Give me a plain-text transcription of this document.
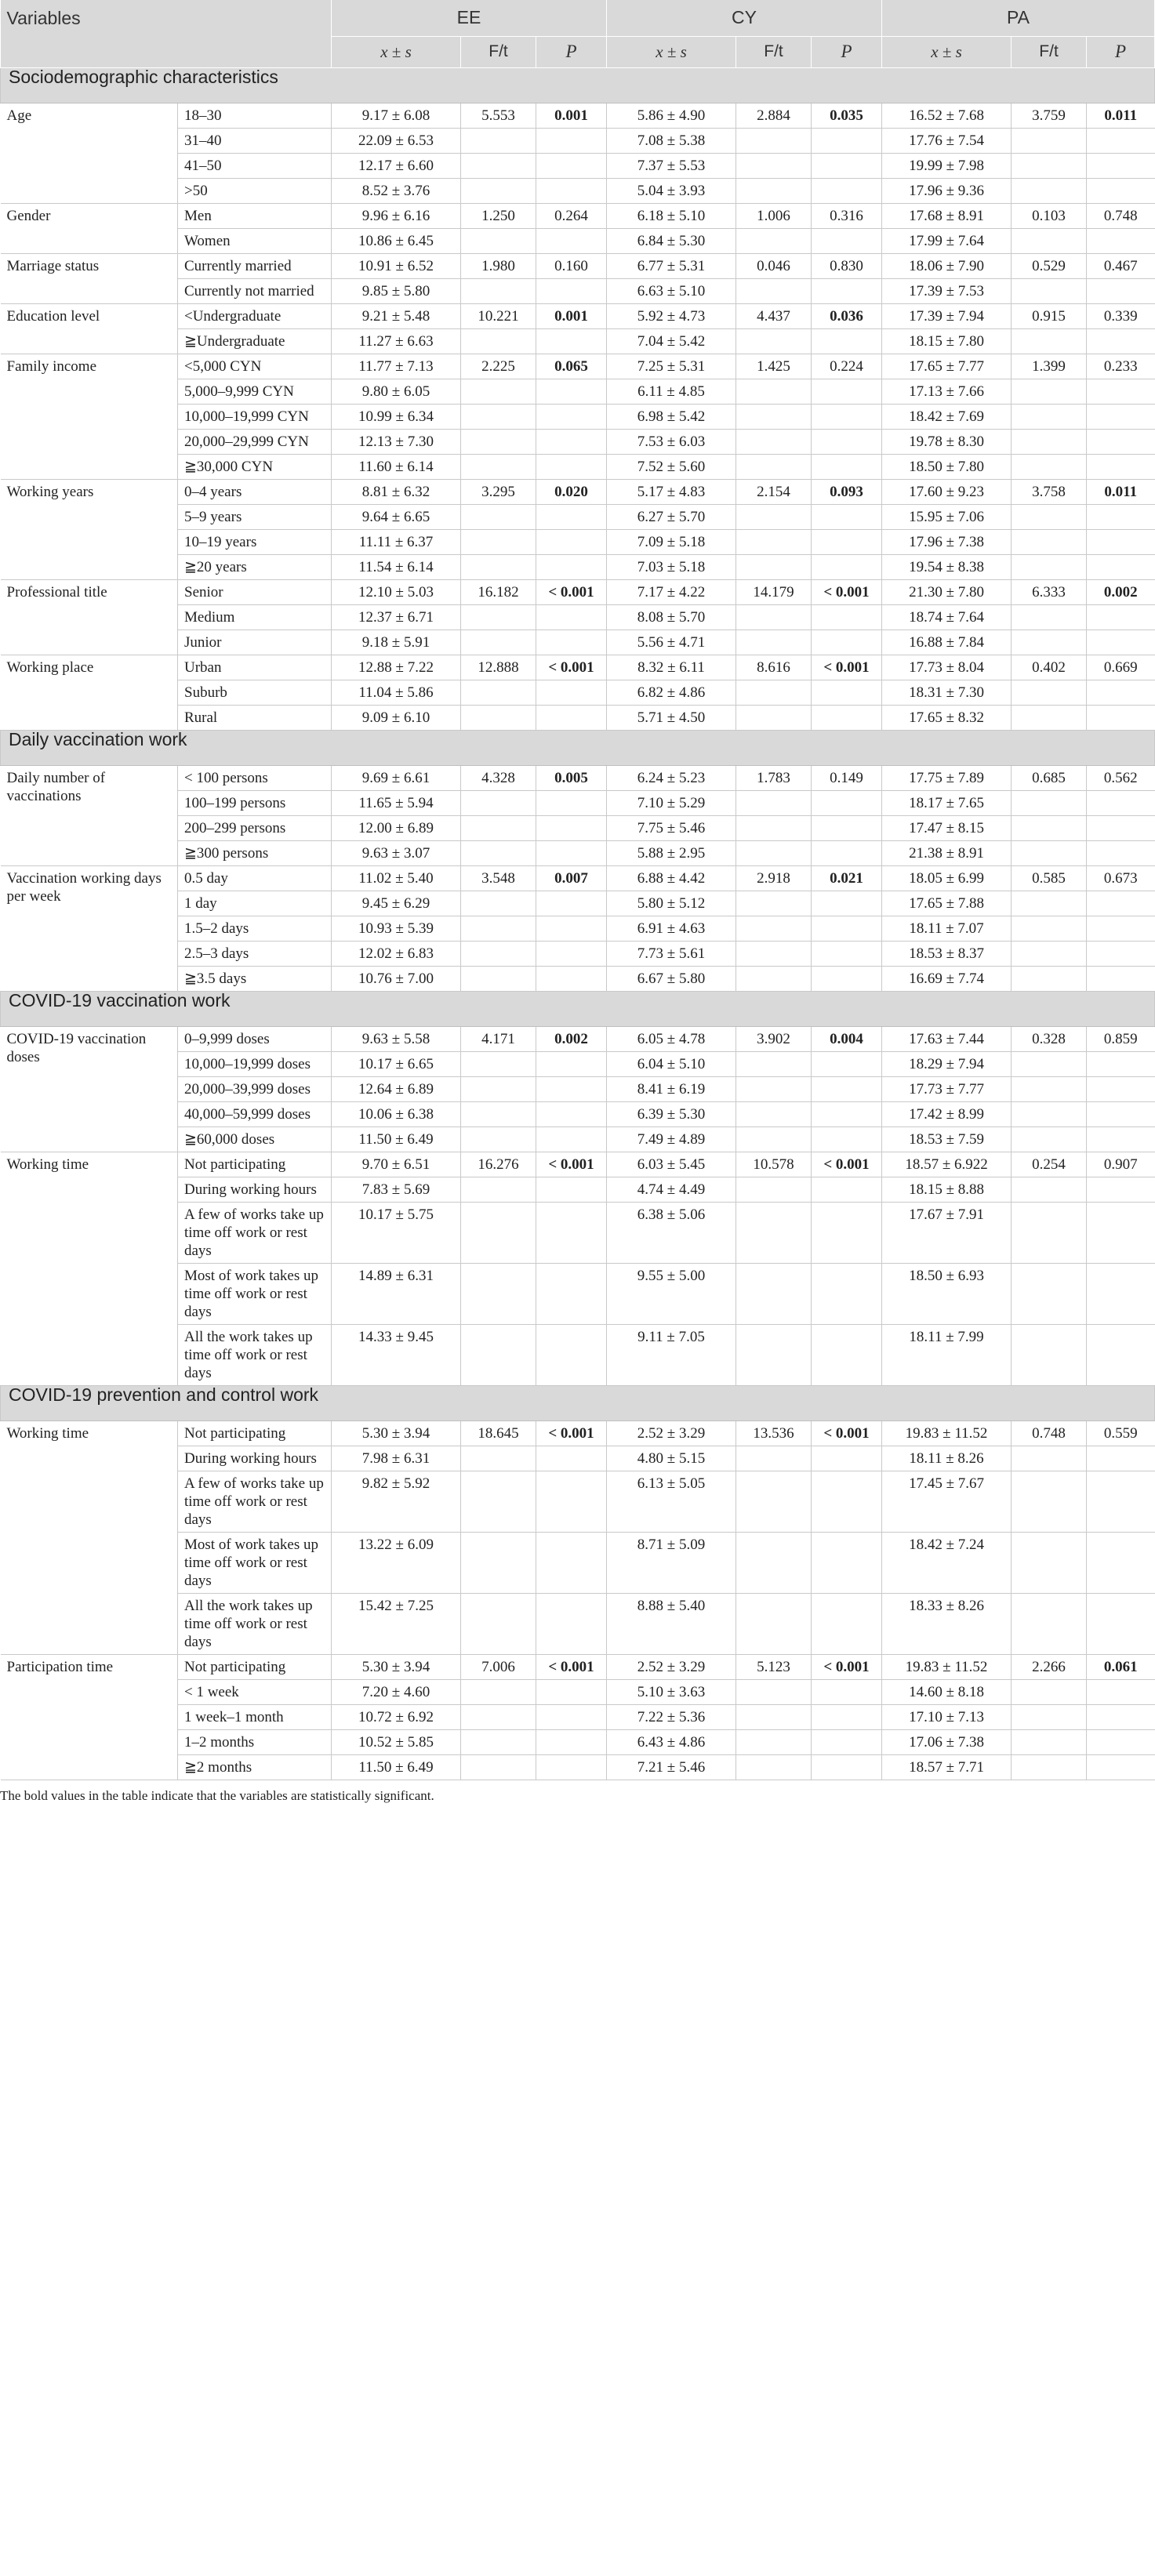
Variables		EE			CY			PA		
		x ± s	F/t	P	x ± s	F/t	P	x ± s	F/t	P
Sociodemographic characteristics										
Age	18–30	9.17 ± 6.08	5.553	0.001	5.86 ± 4.90	2.884	0.035	16.52 ± 7.68	3.759	0.011
	31–40	22.09 ± 6.53			7.08 ± 5.38			17.76 ± 7.54		
	41–50	12.17 ± 6.60			7.37 ± 5.53			19.99 ± 7.98		
	>50	8.52 ± 3.76			5.04 ± 3.93			17.96 ± 9.36		
Gender	Men	9.96 ± 6.16	1.250	0.264	6.18 ± 5.10	1.006	0.316	17.68 ± 8.91	0.103	0.748
	Women	10.86 ± 6.45			6.84 ± 5.30			17.99 ± 7.64		
Marriage status	Currently married	10.91 ± 6.52	1.980	0.160	6.77 ± 5.31	0.046	0.830	18.06 ± 7.90	0.529	0.467
	Currently not married	9.85 ± 5.80			6.63 ± 5.10			17.39 ± 7.53		
Education level	<Undergraduate	9.21 ± 5.48	10.221	0.001	5.92 ± 4.73	4.437	0.036	17.39 ± 7.94	0.915	0.339
	≧Undergraduate	11.27 ± 6.63			7.04 ± 5.42			18.15 ± 7.80		
Family income	<5,000 CYN	11.77 ± 7.13	2.225	0.065	7.25 ± 5.31	1.425	0.224	17.65 ± 7.77	1.399	0.233
	5,000–9,999 CYN	9.80 ± 6.05			6.11 ± 4.85			17.13 ± 7.66		
	10,000–19,999 CYN	10.99 ± 6.34			6.98 ± 5.42			18.42 ± 7.69		
	20,000–29,999 CYN	12.13 ± 7.30			7.53 ± 6.03			19.78 ± 8.30		
	≧30,000 CYN	11.60 ± 6.14			7.52 ± 5.60			18.50 ± 7.80		
Working years	0–4 years	8.81 ± 6.32	3.295	0.020	5.17 ± 4.83	2.154	0.093	17.60 ± 9.23	3.758	0.011
	5–9 years	9.64 ± 6.65			6.27 ± 5.70			15.95 ± 7.06		
	10–19 years	11.11 ± 6.37			7.09 ± 5.18			17.96 ± 7.38		
	≧20 years	11.54 ± 6.14			7.03 ± 5.18			19.54 ± 8.38		
Professional title	Senior	12.10 ± 5.03	16.182	< 0.001	7.17 ± 4.22	14.179	< 0.001	21.30 ± 7.80	6.333	0.002
	Medium	12.37 ± 6.71			8.08 ± 5.70			18.74 ± 7.64		
	Junior	9.18 ± 5.91			5.56 ± 4.71			16.88 ± 7.84		
Working place	Urban	12.88 ± 7.22	12.888	< 0.001	8.32 ± 6.11	8.616	< 0.001	17.73 ± 8.04	0.402	0.669
	Suburb	11.04 ± 5.86			6.82 ± 4.86			18.31 ± 7.30		
	Rural	9.09 ± 6.10			5.71 ± 4.50			17.65 ± 8.32		
Daily vaccination work										
Daily number of vaccinations	< 100 persons	9.69 ± 6.61	4.328	0.005	6.24 ± 5.23	1.783	0.149	17.75 ± 7.89	0.685	0.562
	100–199 persons	11.65 ± 5.94			7.10 ± 5.29			18.17 ± 7.65		
	200–299 persons	12.00 ± 6.89			7.75 ± 5.46			17.47 ± 8.15		
	≧300 persons	9.63 ± 3.07			5.88 ± 2.95			21.38 ± 8.91		
Vaccination working days per week	0.5 day	11.02 ± 5.40	3.548	0.007	6.88 ± 4.42	2.918	0.021	18.05 ± 6.99	0.585	0.673
	1 day	9.45 ± 6.29			5.80 ± 5.12			17.65 ± 7.88		
	1.5–2 days	10.93 ± 5.39			6.91 ± 4.63			18.11 ± 7.07		
	2.5–3 days	12.02 ± 6.83			7.73 ± 5.61			18.53 ± 8.37		
	≧3.5 days	10.76 ± 7.00			6.67 ± 5.80			16.69 ± 7.74		
COVID-19 vaccination work										
COVID-19 vaccination doses	0–9,999 doses	9.63 ± 5.58	4.171	0.002	6.05 ± 4.78	3.902	0.004	17.63 ± 7.44	0.328	0.859
	10,000–19,999 doses	10.17 ± 6.65			6.04 ± 5.10			18.29 ± 7.94		
	20,000–39,999 doses	12.64 ± 6.89			8.41 ± 6.19			17.73 ± 7.77		
	40,000–59,999 doses	10.06 ± 6.38			6.39 ± 5.30			17.42 ± 8.99		
	≧60,000 doses	11.50 ± 6.49			7.49 ± 4.89			18.53 ± 7.59		
Working time	Not participating	9.70 ± 6.51	16.276	< 0.001	6.03 ± 5.45	10.578	< 0.001	18.57 ± 6.922	0.254	0.907
	During working hours	7.83 ± 5.69			4.74 ± 4.49			18.15 ± 8.88		
	A few of works take up time off work or rest days	10.17 ± 5.75			6.38 ± 5.06			17.67 ± 7.91		
	Most of work takes up time off work or rest days	14.89 ± 6.31			9.55 ± 5.00			18.50 ± 6.93		
	All the work takes up time off work or rest days	14.33 ± 9.45			9.11 ± 7.05			18.11 ± 7.99		
COVID-19 prevention and control work										
Working time	Not participating	5.30 ± 3.94	18.645	< 0.001	2.52 ± 3.29	13.536	< 0.001	19.83 ± 11.52	0.748	0.559
	During working hours	7.98 ± 6.31			4.80 ± 5.15			18.11 ± 8.26		
	A few of works take up time off work or rest days	9.82 ± 5.92			6.13 ± 5.05			17.45 ± 7.67		
	Most of work takes up time off work or rest days	13.22 ± 6.09			8.71 ± 5.09			18.42 ± 7.24		
	All the work takes up time off work or rest days	15.42 ± 7.25			8.88 ± 5.40			18.33 ± 8.26		
Participation time	Not participating	5.30 ± 3.94	7.006	< 0.001	2.52 ± 3.29	5.123	< 0.001	19.83 ± 11.52	2.266	0.061
	< 1 week	7.20 ± 4.60			5.10 ± 3.63			14.60 ± 8.18		
	1 week–1 month	10.72 ± 6.92			7.22 ± 5.36			17.10 ± 7.13		
	1–2 months	10.52 ± 5.85			6.43 ± 4.86			17.06 ± 7.38		
	≧2 months	11.50 ± 6.49			7.21 ± 5.46			18.57 ± 7.71		
The bold values in the table indicate that the variables are statistically significant.
